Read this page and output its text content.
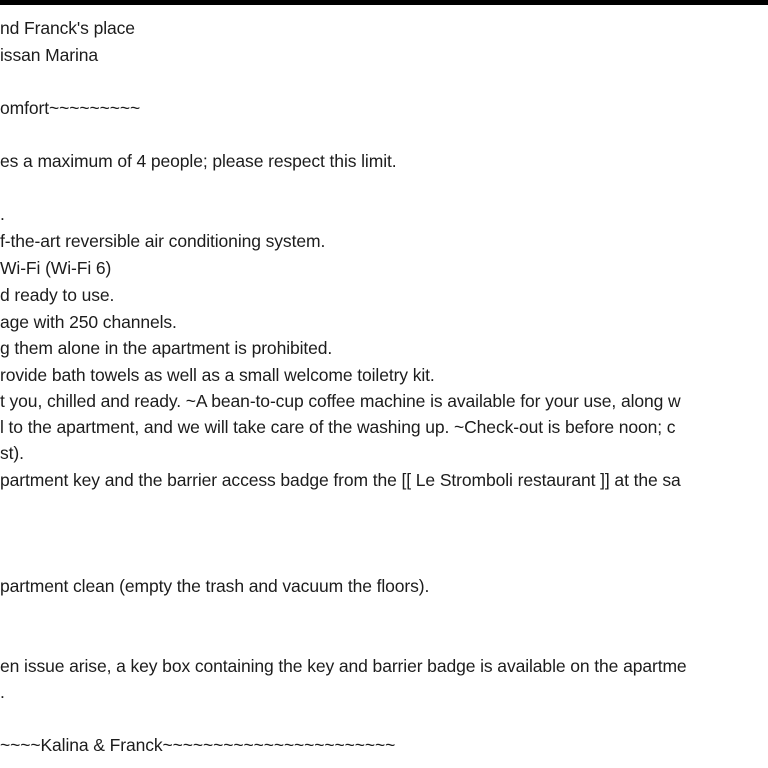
nd Franck's place
issan Marina
omfort~~~~~~~~~
es a maximum of 4 people; please respect this limit.
.
f-the-art reversible air conditioning system.
Wi-Fi (Wi-Fi 6)
d ready to use.
age with 250 channels.
g them alone in the apartment is prohibited.
rovide bath towels as well as a small welcome toiletry kit.
t you, chilled and ready. ~A bean-to-cup coffee machine is available for your use, along w
l to the apartment, and we will take care of the washing up. ~Check-out is before noon; c
st).
partment key and the barrier access badge from the [[ Le Stromboli restaurant ]] at the sa
partment clean (empty the trash and vacuum the floors).
en issue arise, a key box containing the key and barrier badge is available on the apartme
.
~~~~Kalina & Franck~~~~~~~~~~~~~~~~~~~~~~~
